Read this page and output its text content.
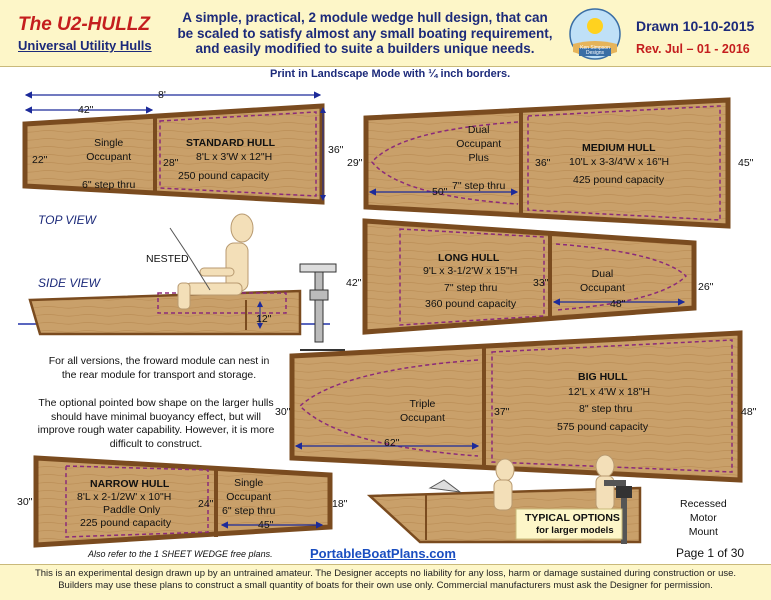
The U2-HULLZ
Universal Utility Hulls
A simple, practical, 2 module wedge hull design, that can be scaled to satisfy almost any small boating requirement, and easily modified to suite a builders unique needs.	Ken Simpson Designs
Drawn 10-10-2015
Rev. Jul – 01 - 2016
Print in Landscape Mode with ¼ inch borders.
8'
42"
22"	28"
36"
Single
Occupant

6" step thru
STANDARD HULL
8'L x 3'W x 12"H
250 pound capacity
TOP VIEW
SIDE VIEW
NESTED
12"
29"	36"	45"
50"
Dual
Occupant
Plus

7" step thru
MEDIUM HULL
10'L x 3-3/4'W x 16"H
425 pound capacity
42"	33"	26"
48"
Dual
Occupant
LONG HULL
9'L x 3-1/2'W x 15"H
7" step thru
360 pound capacity
For all versions, the froward module can nest in the rear module for transport and storage.
The optional pointed bow shape on the larger hulls should have minimal buoyancy effect, but will improve rough water capability. However, it is more difficult to construct.
30"	37"	48"
62"
Triple
Occupant
BIG HULL
12'L x 4'W x 18"H
8" step thru
575 pound capacity
30"	24"	18"
45"
Single
Occupant
6" step thru
NARROW HULL
8'L x 2-1/2W' x 10"H
Paddle Only
225 pound capacity	TYPICAL OPTIONS
for larger models
Recessed
Motor
Mount
Also refer to the 1 SHEET WEDGE free plans.	PortableBoatPlans.com	Page 1 of 30
This is an experimental design drawn up by an untrained amateur. The Designer accepts no liability for any loss, harm or damage sustained during construction or use.
Builders may use these plans to construct a small quantity of boats for their own use only. Commercial manufacturers must ask the Designer for permission.
